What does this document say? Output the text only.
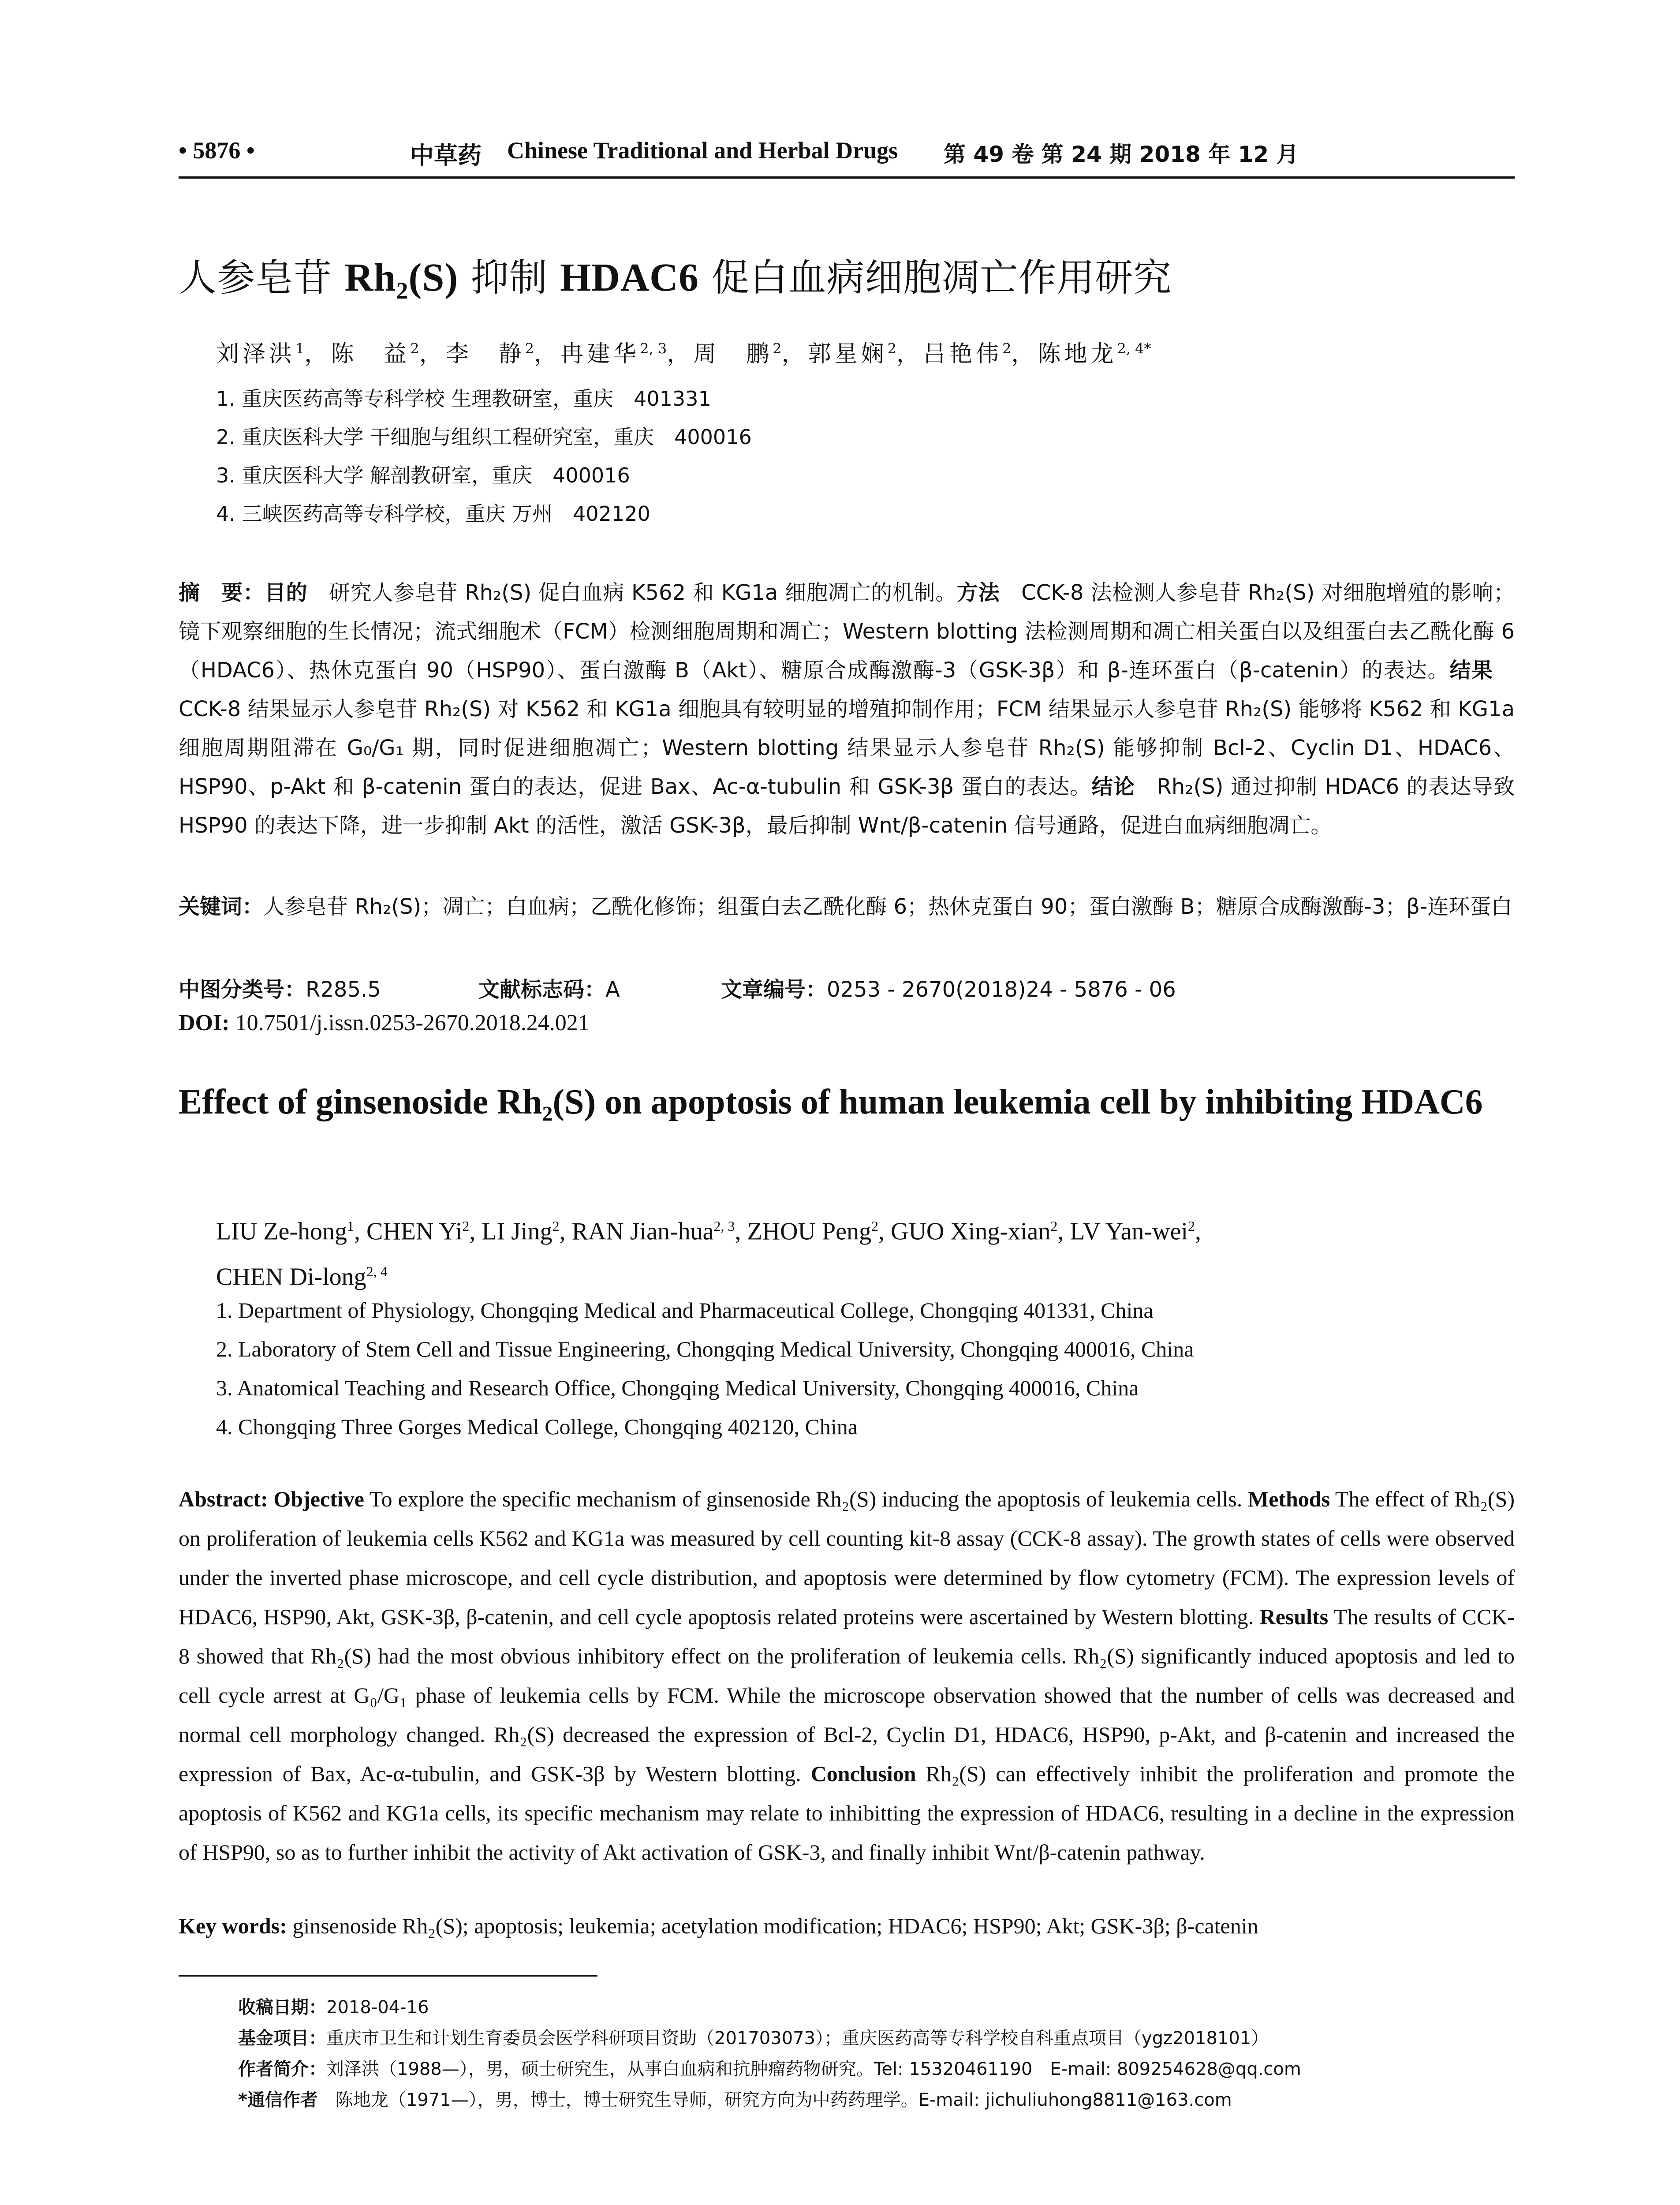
• 5876 •	中草药 Chinese Traditional and Herbal Drugs 第 49 卷 第 24 期 2018 年 12 月
人参皂苷 Rh₂(S) 抑制 HDAC6 促白血病细胞凋亡作用研究
刘泽洪$^1$，陈　益$^2$，李　静$^2$，冉建华$^{2, 3}$，周　鹏$^2$，郭星娴$^2$，吕艳伟$^2$，陈地龙$^{2, 4*}$
1. 重庆医药高等专科学校 生理教研室，重庆　401331
2. 重庆医科大学 干细胞与组织工程研究室，重庆　400016
3. 重庆医科大学 解剖教研室，重庆　400016
4. 三峡医药高等专科学校，重庆 万州　402120
摘　要：目的　研究人参皂苷 Rh₂(S) 促白血病 K562 和 KG1a 细胞凋亡的机制。方法　CCK-8 法检测人参皂苷 Rh₂(S) 对细胞增殖的影响；镜下观察细胞的生长情况；流式细胞术（FCM）检测细胞周期和凋亡；Western blotting 法检测周期和凋亡相关蛋白以及组蛋白去乙酰化酶 6（HDAC6）、热休克蛋白 90（HSP90）、蛋白激酶 B（Akt）、糖原合成酶激酶-3（GSK-3β）和 β-连环蛋白（β-catenin）的表达。结果　CCK-8 结果显示人参皂苷 Rh₂(S) 对 K562 和 KG1a 细胞具有较明显的增殖抑制作用；FCM 结果显示人参皂苷 Rh₂(S) 能够将 K562 和 KG1a 细胞周期阻滞在 G₀/G₁ 期，同时促进细胞凋亡；Western blotting 结果显示人参皂苷 Rh₂(S) 能够抑制 Bcl-2、Cyclin D1、HDAC6、HSP90、p-Akt 和 β-catenin 蛋白的表达，促进 Bax、Ac-α-tubulin 和 GSK-3β 蛋白的表达。结论　Rh₂(S) 通过抑制 HDAC6 的表达导致 HSP90 的表达下降，进一步抑制 Akt 的活性，激活 GSK-3β，最后抑制 Wnt/β-catenin 信号通路，促进白血病细胞凋亡。
关键词：人参皂苷 Rh₂(S)；凋亡；白血病；乙酰化修饰；组蛋白去乙酰化酶 6；热休克蛋白 90；蛋白激酶 B；糖原合成酶激酶-3；β-连环蛋白
中图分类号：R285.5	文献标志码：A	文章编号：0253 - 2670(2018)24 - 5876 - 06
DOI: 10.7501/j.issn.0253-2670.2018.24.021
Effect of ginsenoside Rh₂(S) on apoptosis of human leukemia cell by inhibiting HDAC6
LIU Ze-hong$^1$, CHEN Yi$^2$, LI Jing$^2$, RAN Jian-hua$^{2, 3}$, ZHOU Peng$^2$, GUO Xing-xian$^2$, LV Yan-wei$^2$,
CHEN Di-long$^{2, 4}$
1. Department of Physiology, Chongqing Medical and Pharmaceutical College, Chongqing 401331, China
2. Laboratory of Stem Cell and Tissue Engineering, Chongqing Medical University, Chongqing 400016, China
3. Anatomical Teaching and Research Office, Chongqing Medical University, Chongqing 400016, China
4. Chongqing Three Gorges Medical College, Chongqing 402120, China
Abstract: Objective To explore the specific mechanism of ginsenoside Rh₂(S) inducing the apoptosis of leukemia cells. Methods The effect of Rh₂(S) on proliferation of leukemia cells K562 and KG1a was measured by cell counting kit-8 assay (CCK-8 assay). The growth states of cells were observed under the inverted phase microscope, and cell cycle distribution, and apoptosis were determined by flow cytometry (FCM). The expression levels of HDAC6, HSP90, Akt, GSK-3β, β-catenin, and cell cycle apoptosis related proteins were ascertained by Western blotting. Results The results of CCK-8 showed that Rh₂(S) had the most obvious inhibitory effect on the proliferation of leukemia cells. Rh₂(S) significantly induced apoptosis and led to cell cycle arrest at G₀/G₁ phase of leukemia cells by FCM. While the microscope observation showed that the number of cells was decreased and normal cell morphology changed. Rh₂(S) decreased the expression of Bcl-2, Cyclin D1, HDAC6, HSP90, p-Akt, and β-catenin and increased the expression of Bax, Ac-α-tubulin, and GSK-3β by Western blotting. Conclusion Rh₂(S) can effectively inhibit the proliferation and promote the apoptosis of K562 and KG1a cells, its specific mechanism may relate to inhibitting the expression of HDAC6, resulting in a decline in the expression of HSP90, so as to further inhibit the activity of Akt activation of GSK-3, and finally inhibit Wnt/β-catenin pathway.
Key words: ginsenoside Rh₂(S); apoptosis; leukemia; acetylation modification; HDAC6; HSP90; Akt; GSK-3β; β-catenin
收稿日期：2018-04-16
基金项目：重庆市卫生和计划生育委员会医学科研项目资助（201703073）；重庆医药高等专科学校自科重点项目（ygz2018101）
作者简介：刘泽洪（1988—），男，硕士研究生，从事白血病和抗肿瘤药物研究。Tel: 15320461190　E-mail: 809254628@qq.com
*通信作者　陈地龙（1971—），男，博士，博士研究生导师，研究方向为中药药理学。E-mail: jichuliuhong8811@163.com
